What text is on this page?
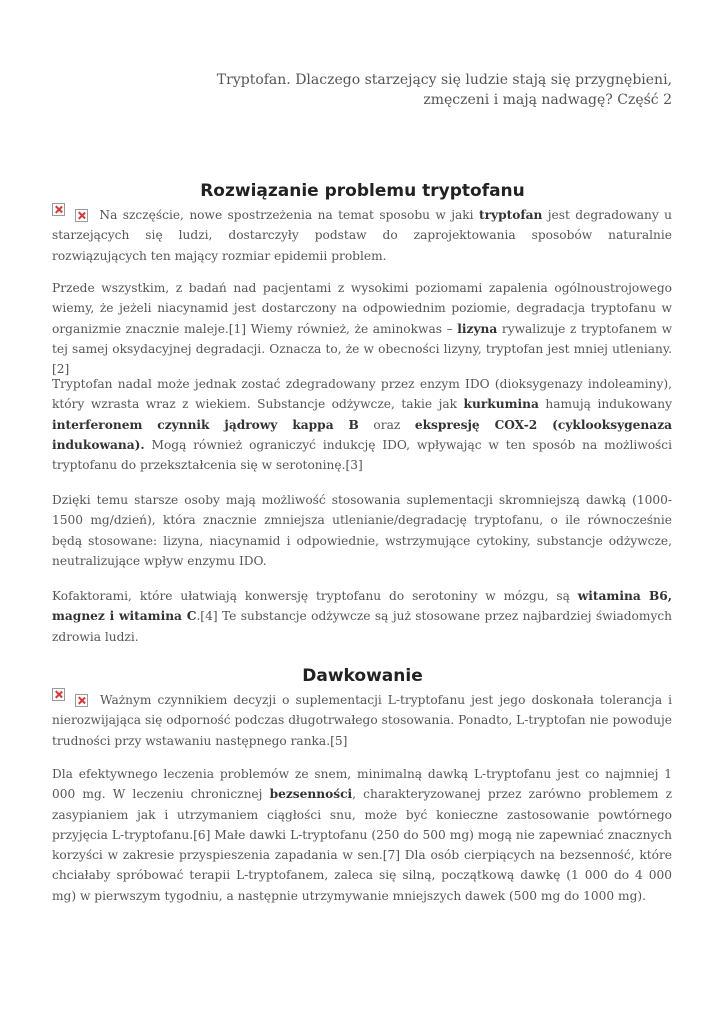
Tryptofan. Dlaczego starzejący się ludzie stają się przygnębieni,
zmęczeni i mają nadwagę? Część 2
Rozwiązanie problemu tryptofanu

Na szczęście, nowe spostrzeżenia na temat sposobu w jaki tryptofan jest degradowany u starzejących się ludzi, dostarczyły podstaw do zaprojektowania sposobów naturalnie rozwiązujących ten mający rozmiar epidemii problem.

Przede wszystkim, z badań nad pacjentami z wysokimi poziomami zapalenia ogólnoustrojowego wiemy, że jeżeli niacynamid jest dostarczony na odpowiednim poziomie, degradacja tryptofanu w organizmie znacznie maleje.[1] Wiemy również, że aminokwas – lizyna rywalizuje z tryptofanem w tej samej oksydacyjnej degradacji. Oznacza to, że w obecności lizyny, tryptofan jest mniej utleniany.[2]

Tryptofan nadal może jednak zostać zdegradowany przez enzym IDO (dioksygenazy indoleaminy), który wzrasta wraz z wiekiem. Substancje odżywcze, takie jak kurkumina hamują indukowany interferonem czynnik jądrowy kappa B oraz ekspresję COX-2 (cyklooksygenaza indukowana). Mogą również ograniczyć indukcję IDO, wpływając w ten sposób na możliwości tryptofanu do przekształcenia się w serotoninę.[3]

Dzięki temu starsze osoby mają możliwość stosowania suplementacji skromniejszą dawką (1000-1500 mg/dzień), która znacznie zmniejsza utlenianie/degradację tryptofanu, o ile równocześnie będą stosowane: lizyna, niacynamid i odpowiednie, wstrzymujące cytokiny, substancje odżywcze, neutralizujące wpływ enzymu IDO.

Kofaktorami, które ułatwiają konwersję tryptofanu do serotoniny w mózgu, są witamina B6, magnez i witamina C.[4] Te substancje odżywcze są już stosowane przez najbardziej świadomych zdrowia ludzi.

Dawkowanie

Ważnym czynnikiem decyzji o suplementacji L-tryptofanu jest jego doskonała tolerancja i nierozwijająca się odporność podczas długotrwałego stosowania. Ponadto, L-tryptofan nie powoduje trudności przy wstawaniu następnego ranka.[5]

Dla efektywnego leczenia problemów ze snem, minimalną dawką L-tryptofanu jest co najmniej 1 000 mg. W leczeniu chronicznej bezsenności, charakteryzowanej przez zarówno problemem z zasypianiem jak i utrzymaniem ciągłości snu, może być konieczne zastosowanie powtórnego przyjęcia L-tryptofanu.[6] Małe dawki L-tryptofanu (250 do 500 mg) mogą nie zapewniać znacznych korzyści w zakresie przyspieszenia zapadania w sen.[7] Dla osób cierpiących na bezsenność, które chciałaby spróbować terapii L-tryptofanem, zaleca się silną, początkową dawkę (1 000 do 4 000 mg) w pierwszym tygodniu, a następnie utrzymywanie mniejszych dawek (500 mg do 1000 mg).
